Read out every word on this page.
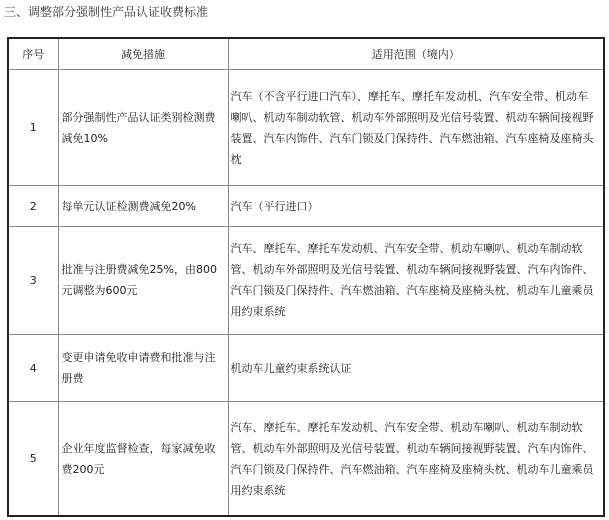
三、调整部分强制性产品认证收费标准
序号	减免措施	适用范围（境内）
1	部分强制性产品认证类别检测费减免10%	汽车（不含平行进口汽车）、摩托车、摩托车发动机、汽车安全带、机动车喇叭、机动车制动软管、机动车外部照明及光信号装置、机动车辆间接视野装置、汽车内饰件、汽车门锁及门保持件、汽车燃油箱、汽车座椅及座椅头枕
2	每单元认证检测费减免20%	汽车（平行进口）
3	批准与注册费减免25%，由800元调整为600元	汽车、摩托车、摩托车发动机、汽车安全带、机动车喇叭、机动车制动软管、机动车外部照明及光信号装置、机动车辆间接视野装置、汽车内饰件、汽车门锁及门保持件、汽车燃油箱、汽车座椅及座椅头枕、机动车儿童乘员用约束系统
4	变更申请免收申请费和批准与注册费	机动车儿童约束系统认证
5	企业年度监督检查，每家减免收费200元	汽车、摩托车、摩托车发动机、汽车安全带、机动车喇叭、机动车制动软管、机动车外部照明及光信号装置、机动车辆间接视野装置、汽车内饰件、汽车门锁及门保持件、汽车燃油箱、汽车座椅及座椅头枕、机动车儿童乘员用约束系统
